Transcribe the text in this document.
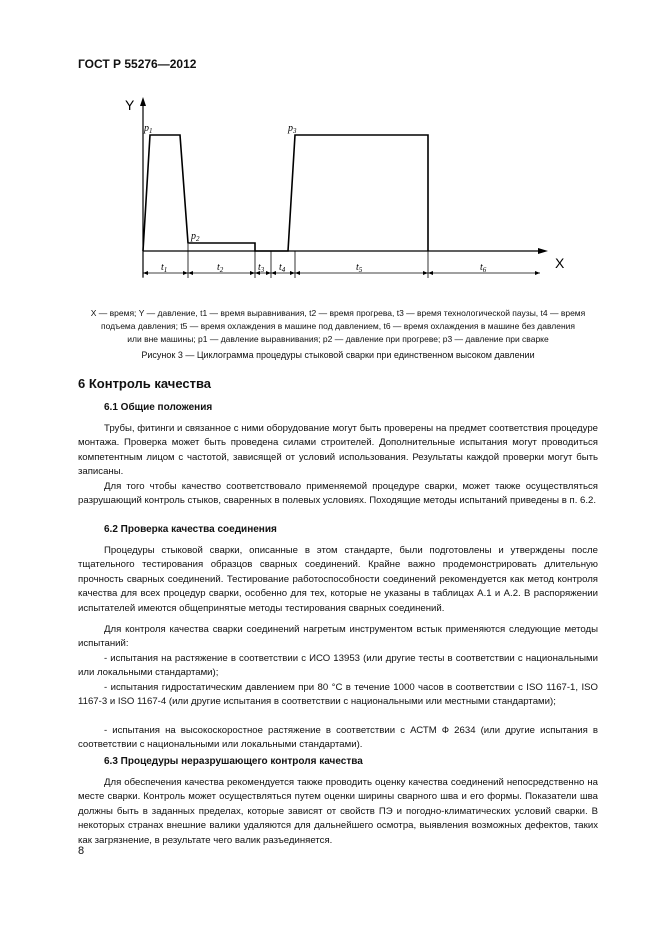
ГОСТ Р 55276—2012
Y
X
$p_1$
$p_2$
$p_3$
$t_1$	$t_2$	$t_3$ $t_4$	$t_5$	$t_6$
X — время; Y — давление, t1 — время выравнивания, t2 — время прогрева, t3 — время технологической паузы, t4 — время
подъема давления; t5 — время охлаждения в машине под давлением, t6 — время охлаждения в машине без давления
или вне машины; p1 — давление выравнивания; p2 — давление при прогреве; p3 — давление при сварке
Рисунок 3 — Циклограмма процедуры стыковой сварки при единственном высоком давлении
6 Контроль качества
6.1 Общие положения

Трубы, фитинги и связанное с ними оборудование могут быть проверены на предмет соответствия процедуре монтажа. Проверка может быть проведена силами строителей. Дополнительные испытания могут проводиться компетентным лицом с частотой, зависящей от условий использования. Результаты каждой проверки могут быть записаны.

Для того чтобы качество соответствовало применяемой процедуре сварки, может также осуществляться разрушающий контроль стыков, сваренных в полевых условиях. Походящие методы испытаний приведены в п. 6.2.

6.2 Проверка качества соединения

Процедуры стыковой сварки, описанные в этом стандарте, были подготовлены и утверждены после тщательного тестирования образцов сварных соединений. Крайне важно продемонстрировать длительную прочность сварных соединений. Тестирование работоспособности соединений рекомендуется как метод контроля качества для всех процедур сварки, особенно для тех, которые не указаны в таблицах А.1 и А.2. В распоряжении испытателей имеются общепринятые методы тестирования сварных соединений.

Для контроля качества сварки соединений нагретым инструментом встык применяются следующие методы испытаний:

- испытания на растяжение в соответствии с ИСО 13953 (или другие тесты в соответствии с национальными или локальными стандартами);

- испытания гидростатическим давлением при 80 °С в течение 1000 часов в соответствии с ISO 1167-1, ISO 1167-3 и ISO 1167-4 (или другие испытания в соответствии с национальными или местными стандартами);

- испытания на высокоскоростное растяжение в соответствии с АСТМ Ф 2634 (или другие испытания в соответствии с национальными или локальными стандартами).

6.3 Процедуры неразрушающего контроля качества

Для обеспечения качества рекомендуется также проводить оценку качества соединений непосредственно на месте сварки. Контроль может осуществляться путем оценки ширины сварного шва и его формы. Показатели шва должны быть в заданных пределах, которые зависят от свойств ПЭ и погодно-климатических условий сварки. В некоторых странах внешние валики удаляются для дальнейшего осмотра, выявления возможных дефектов, таких как загрязнение, в результате чего валик разъединяется.

8
